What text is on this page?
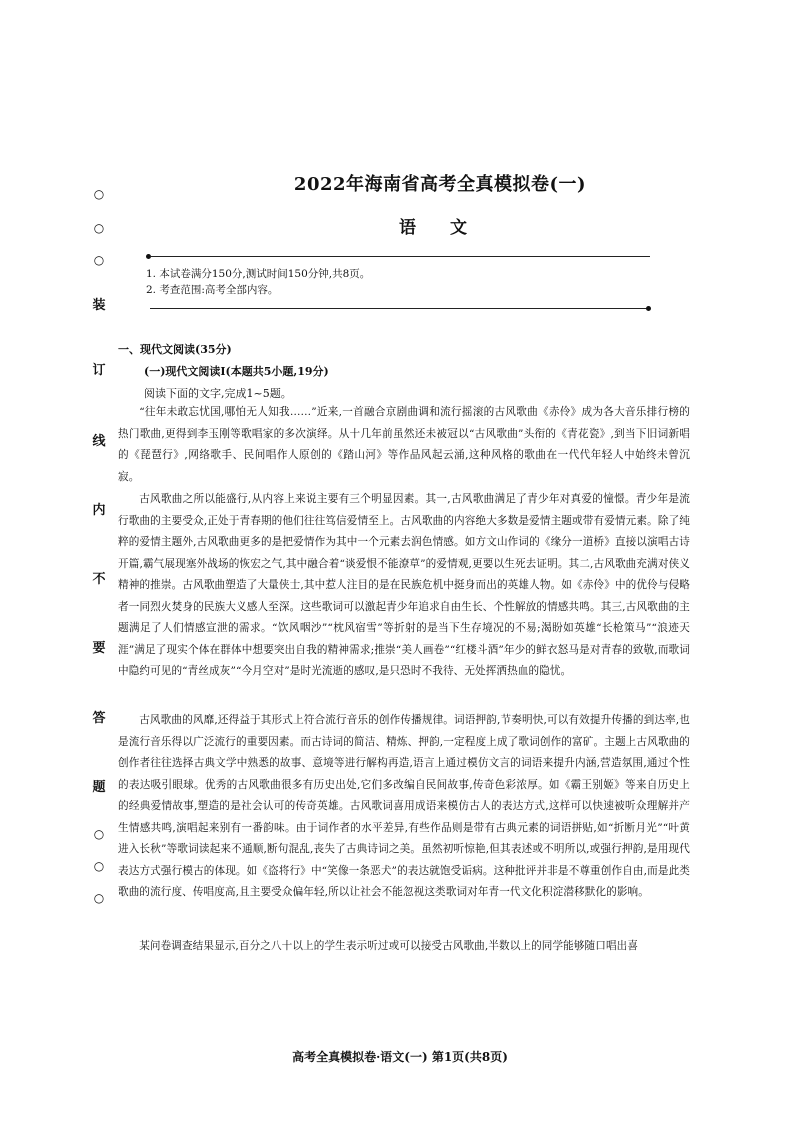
○
○
○
装
订
线
内
不
要
答
题
○
○
○
2022年海南省高考全真模拟卷(一)
语 文
1. 本试卷满分150分,测试时间150分钟,共8页。
2. 考查范围:高考全部内容。
一、现代文阅读(35分)
(一)现代文阅读Ⅰ(本题共5小题,19分)
阅读下面的文字,完成1~5题。
“往年未敢忘忧国,哪怕无人知我……”近来,一首融合京剧曲调和流行摇滚的古风歌曲《赤伶》成为各大音乐排行榜的热门歌曲,更得到李玉刚等歌唱家的多次演绎。从十几年前虽然还未被冠以“古风歌曲”头衔的《青花瓷》,到当下旧词新唱的《琵琶行》,网络歌手、民间唱作人原创的《踏山河》等作品风起云涌,这种风格的歌曲在一代代年轻人中始终未曾沉寂。
古风歌曲之所以能盛行,从内容上来说主要有三个明显因素。其一,古风歌曲满足了青少年对真爱的憧憬。青少年是流行歌曲的主要受众,正处于青春期的他们往往笃信爱情至上。古风歌曲的内容绝大多数是爱情主题或带有爱情元素。除了纯粹的爱情主题外,古风歌曲更多的是把爱情作为其中一个元素去润色情感。如方文山作词的《缘分一道桥》直接以演唱古诗开篇,霸气展现塞外战场的恢宏之气,其中融合着“谈爱恨不能潦草”的爱情观,更要以生死去证明。其二,古风歌曲充满对侠义精神的推崇。古风歌曲塑造了大量侠士,其中惹人注目的是在民族危机中挺身而出的英雄人物。如《赤伶》中的优伶与侵略者一同烈火焚身的民族大义感人至深。这些歌词可以激起青少年追求自由生长、个性解放的情感共鸣。其三,古风歌曲的主题满足了人们情感宣泄的需求。“饮风咽沙”“枕风宿雪”等折射的是当下生存境况的不易;渴盼如英雄“长枪策马”“浪迹天涯”满足了现实个体在群体中想要突出自我的精神需求;推崇“美人画卷”“红楼斗酒”年少的鲜衣怒马是对青春的致敬,而歌词中隐约可见的“青丝成灰”“今月空对”是时光流逝的感叹,是只恐时不我待、无处挥洒热血的隐忧。
古风歌曲的风靡,还得益于其形式上符合流行音乐的创作传播规律。词语押韵,节奏明快,可以有效提升传播的到达率,也是流行音乐得以广泛流行的重要因素。而古诗词的简洁、精炼、押韵,一定程度上成了歌词创作的富矿。主题上古风歌曲的创作者往往选择古典文学中熟悉的故事、意境等进行解构再造,语言上通过模仿文言的词语来提升内涵,营造氛围,通过个性的表达吸引眼球。优秀的古风歌曲很多有历史出处,它们多改编自民间故事,传奇色彩浓厚。如《霸王别姬》等来自历史上的经典爱情故事,塑造的是社会认可的传奇英雄。古风歌词喜用成语来模仿古人的表达方式,这样可以快速被听众理解并产生情感共鸣,演唱起来别有一番韵味。由于词作者的水平差异,有些作品则是带有古典元素的词语拼贴,如“折断月光”“叶黄进入长秋”等歌词读起来不通顺,断句混乱,丧失了古典诗词之美。虽然初听惊艳,但其表述或不明所以,或强行押韵,是用现代表达方式强行模古的体现。如《盗将行》中“笑像一条恶犬”的表达就饱受诟病。这种批评并非是不尊重创作自由,而是此类歌曲的流行度、传唱度高,且主要受众偏年轻,所以让社会不能忽视这类歌词对年青一代文化积淀潜移默化的影响。
某问卷调查结果显示,百分之八十以上的学生表示听过或可以接受古风歌曲,半数以上的同学能够随口唱出喜
高考全真模拟卷·语文(一) 第1页(共8页)
